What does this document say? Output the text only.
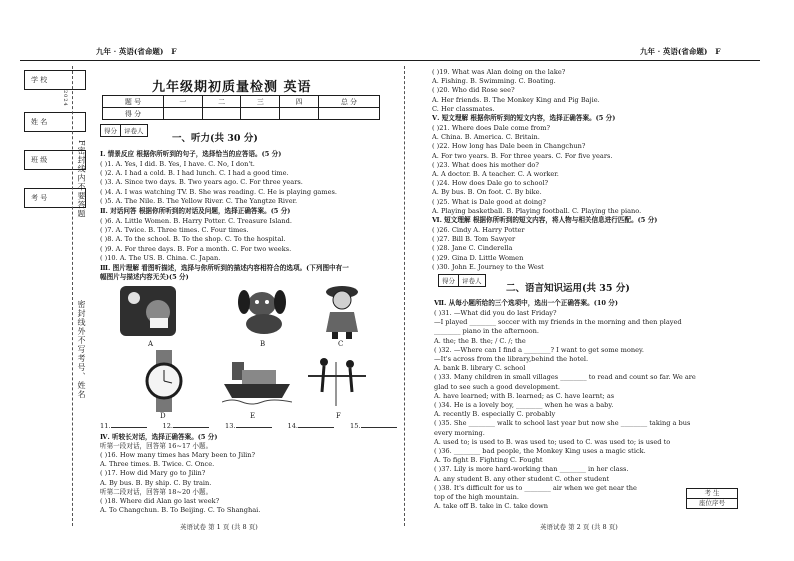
九年 · 英语(省命题) F	九年 · 英语(省命题) F
学 校
姓 名
班 级
考 号
2024
F密封线内不要答题
密封线外不写考号、姓名
九年级期初质量检测 英语
题 号	一	二	三	四	总 分
得 分					
得分	评卷人
一、听力(共 30 分)
Ⅰ. 情景反应 根据你所听到的句子，选择恰当的应答语。(5 分)
( )1. A. Yes, I did. B. Yes, I have. C. No, I don't.
( )2. A. I had a cold. B. I had lunch. C. I had a good time.
( )3. A. Since two days. B. Two years ago. C. For three years.
( )4. A. I was watching TV. B. She was reading. C. He is playing games.
( )5. A. The Nile. B. The Yellow River. C. The Yangtze River.
Ⅱ. 对话问答 根据你所听到的对话及问题，选择正确答案。(5 分)
( )6. A. Little Women. B. Harry Potter. C. Treasure Island.
( )7. A. Twice. B. Three times. C. Four times.
( )8. A. To the school. B. To the shop. C. To the hospital.
( )9. A. For three days. B. For a month. C. For two weeks.
( )10. A. The US. B. China. C. Japan.
Ⅲ. 图片理解 看图听描述，选择与你所听到的描述内容相符合的选项。(下列图中有一
幅图片与描述内容无关)(5 分)
A	B	C
D	E	F
11.	12.	13.	14.	15.
Ⅳ. 听较长对话，选择正确答案。(5 分)
听第一段对话，回答第 16~17 小题。
( )16. How many times has Mary been to Jilin?
A. Three times. B. Twice. C. Once.
( )17. How did Mary go to Jilin?
A. By bus. B. By ship. C. By train.
听第二段对话，回答第 18~20 小题。
( )18. Where did Alan go last week?
A. To Changchun. B. To Beijing. C. To Shanghai.
英语试卷 第 1 页 (共 8 页)
( )19. What was Alan doing on the lake?
A. Fishing. B. Swimming. C. Boating.
( )20. Who did Rose see?
A. Her friends. B. The Monkey King and Pig Bajie.
C. Her classmates.
Ⅴ. 短文理解 根据你所听到的短文内容，选择正确答案。(5 分)
( )21. Where does Dale come from?
A. China. B. America. C. Britain.
( )22. How long has Dale been in Changchun?
A. For two years. B. For three years. C. For five years.
( )23. What does his mother do?
A. A doctor. B. A teacher. C. A worker.
( )24. How does Dale go to school?
A. By bus. B. On foot. C. By bike.
( )25. What is Dale good at doing?
A. Playing basketball. B. Playing football. C. Playing the piano.
Ⅵ. 短文理解 根据你所听到的短文内容，将人物与相关信息进行匹配。(5 分)
( )26. Cindy A. Harry Potter
( )27. Bill B. Tom Sawyer
( )28. Jane C. Cinderella
( )29. Gina D. Little Women
( )30. John E. Journey to the West
得分	评卷人
二、语言知识运用(共 35 分)
Ⅶ. 从每小题所给的三个选项中，选出一个正确答案。(10 分)
( )31. —What did you do last Friday?
—I played ________ soccer with my friends in the morning and then played
________ piano in the afternoon.
A. the; the B. the; / C. /; the
( )32. —Where can I find a ________? I want to get some money.
—It's across from the library,behind the hotel.
A. bank B. library C. school
( )33. Many children in small villages ________ to read and count so far. We are
glad to see such a good development.
A. have learned; with B. learned; as C. have learnt; as
( )34. He is a lovely boy, ________ when he was a baby.
A. recently B. especially C. probably
( )35. She ________ walk to school last year but now she ________ taking a bus
every morning.
A. used to; is used to B. was used to; used to C. was used to; is used to
( )36. ________ bad people, the Monkey King uses a magic stick.
A. To fight B. Fighting C. Fought
( )37. Lily is more hard-working than ________ in her class.
A. any student B. any other student C. other student
( )38. It's difficult for us to ________ air when we get near the
top of the high mountain.
A. take off B. take in C. take down
考 生
座位序号
英语试卷 第 2 页 (共 8 页)
